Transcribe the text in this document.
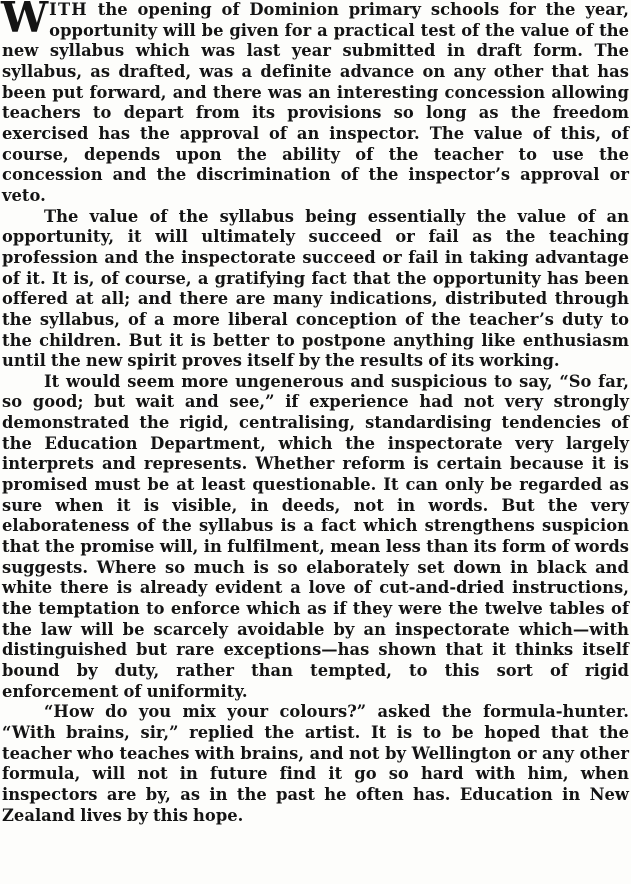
WITH the opening of Dominion primary schools for the year, opportunity will be given for a practical test of the value of the new syllabus which was last year submitted in draft form. The syllabus, as drafted, was a definite advance on any other that has been put forward, and there was an interesting concession allowing teachers to depart from its provisions so long as the freedom exercised has the approval of an inspector. The value of this, of course, depends upon the ability of the teacher to use the concession and the discrimination of the inspector’s approval or veto.

The value of the syllabus being essentially the value of an opportunity, it will ultimately succeed or fail as the teaching profession and the inspectorate succeed or fail in taking advantage of it. It is, of course, a gratifying fact that the opportunity has been offered at all; and there are many indications, distributed through the syllabus, of a more liberal conception of the teacher’s duty to the children. But it is better to postpone anything like enthusiasm until the new spirit proves itself by the results of its working.

It would seem more ungenerous and suspicious to say, “So far, so good; but wait and see,” if experience had not very strongly demonstrated the rigid, centralising, standardising tendencies of the Education Department, which the inspectorate very largely interprets and represents. Whether reform is certain because it is promised must be at least questionable. It can only be regarded as sure when it is visible, in deeds, not in words. But the very elaborateness of the syllabus is a fact which strengthens suspicion that the promise will, in fulfilment, mean less than its form of words suggests. Where so much is so elaborately set down in black and white there is already evident a love of cut-and-dried instructions, the temptation to enforce which as if they were the twelve tables of the law will be scarcely avoidable by an inspectorate which—with distinguished but rare exceptions—has shown that it thinks itself bound by duty, rather than tempted, to this sort of rigid enforcement of uniformity.

“How do you mix your colours?” asked the formula-hunter. “With brains, sir,” replied the artist. It is to be hoped that the teacher who teaches with brains, and not by Wellington or any other formula, will not in future find it go so hard with him, when inspectors are by, as in the past he often has. Education in New Zealand lives by this hope.
